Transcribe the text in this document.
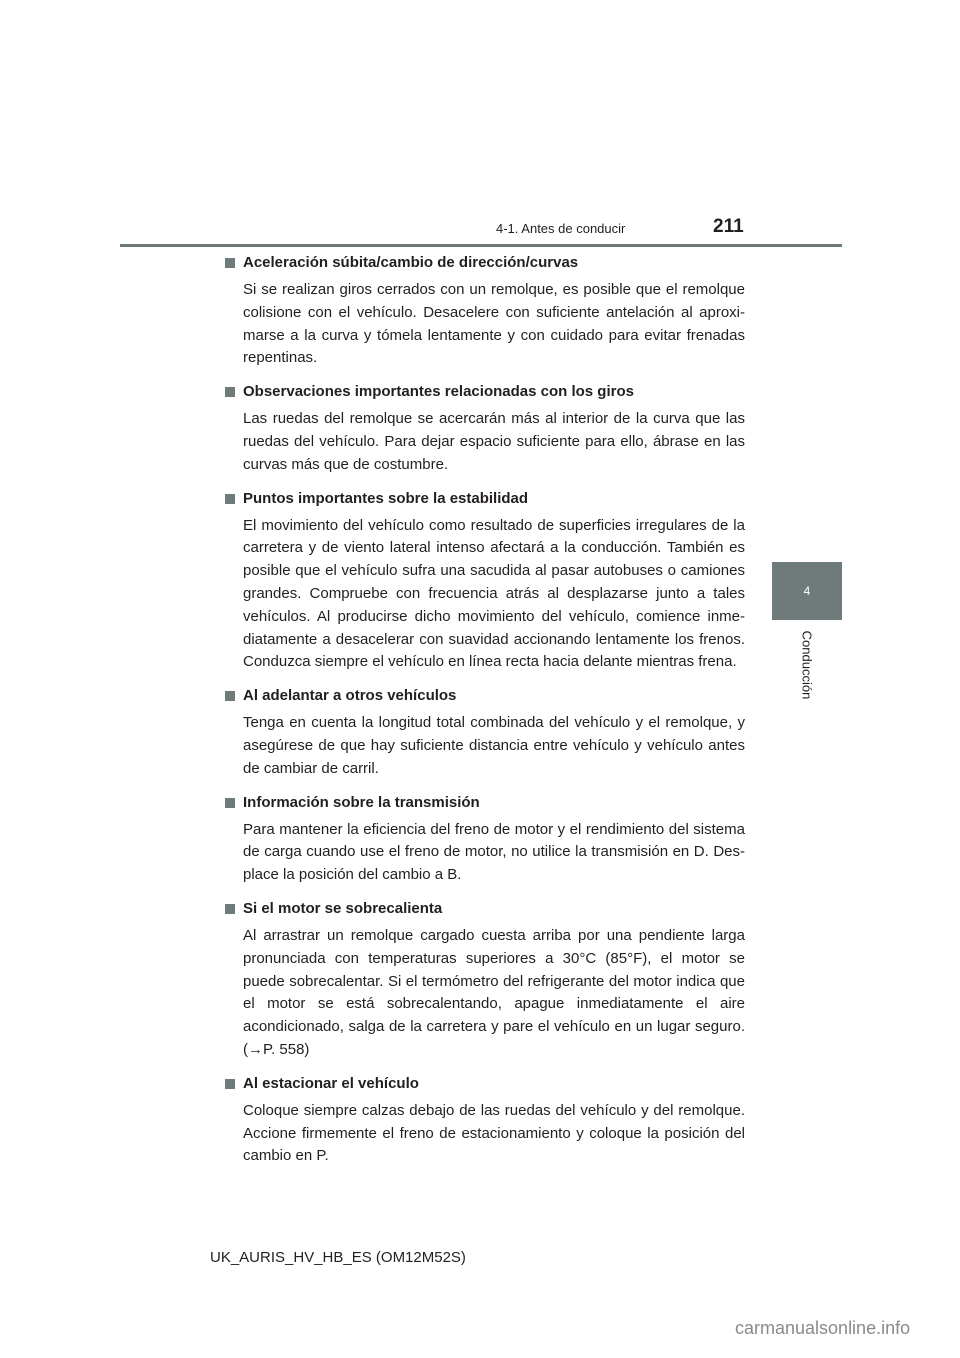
4-1. Antes de conducir	211
4
Conducción
Aceleración súbita/cambio de dirección/curvas

Si se realizan giros cerrados con un remolque, es posible que el remolque colisione con el vehículo. Desacelere con suficiente antelación al aproxi- marse a la curva y tómela lentamente y con cuidado para evitar frenadas repentinas.

Observaciones importantes relacionadas con los giros

Las ruedas del remolque se acercarán más al interior de la curva que las ruedas del vehículo. Para dejar espacio suficiente para ello, ábrase en las curvas más que de costumbre.

Puntos importantes sobre la estabilidad

El movimiento del vehículo como resultado de superficies irregulares de la carretera y de viento lateral intenso afectará a la conducción. También es posible que el vehículo sufra una sacudida al pasar autobuses o camiones grandes. Compruebe con frecuencia atrás al desplazarse junto a tales vehículos. Al producirse dicho movimiento del vehículo, comience inme- diatamente a desacelerar con suavidad accionando lentamente los frenos. Conduzca siempre el vehículo en línea recta hacia delante mientras frena.

Al adelantar a otros vehículos

Tenga en cuenta la longitud total combinada del vehículo y el remolque, y asegúrese de que hay suficiente distancia entre vehículo y vehículo antes de cambiar de carril.

Información sobre la transmisión

Para mantener la eficiencia del freno de motor y el rendimiento del sistema de carga cuando use el freno de motor, no utilice la transmisión en D. Des- place la posición del cambio a B.

Si el motor se sobrecalienta

Al arrastrar un remolque cargado cuesta arriba por una pendiente larga pronunciada con temperaturas superiores a 30°C (85°F), el motor se puede sobrecalentar. Si el termómetro del refrigerante del motor indica que el motor se está sobrecalentando, apague inmediatamente el aire acondicionado, salga de la carretera y pare el vehículo en un lugar seguro. (→P. 558)

Al estacionar el vehículo

Coloque siempre calzas debajo de las ruedas del vehículo y del remolque. Accione firmemente el freno de estacionamiento y coloque la posición del cambio en P.

UK_AURIS_HV_HB_ES (OM12M52S)
carmanualsonline.info
